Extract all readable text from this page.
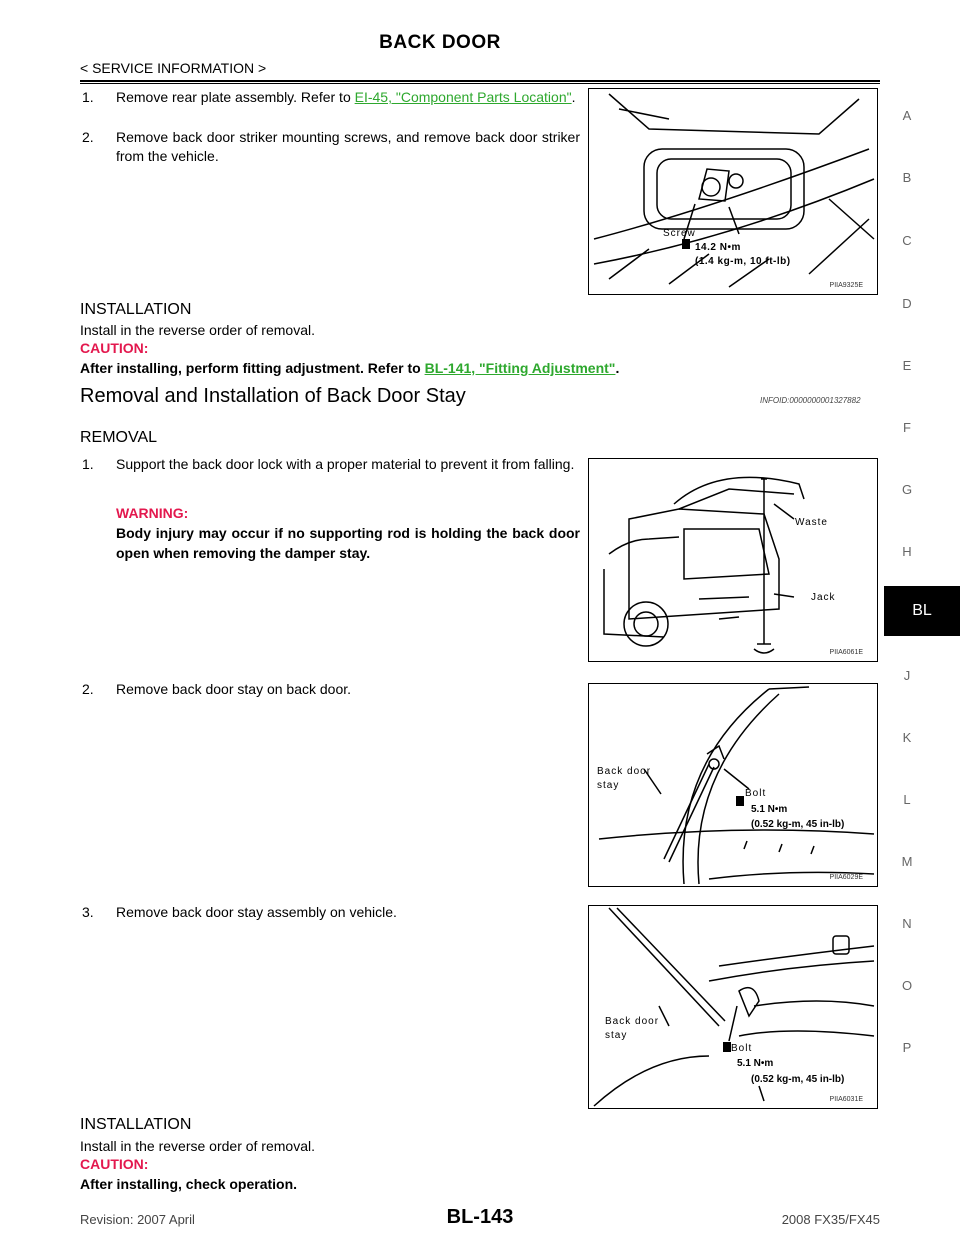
BACK DOOR
< SERVICE INFORMATION >
A
B
C
D
E
F
G
H
BL
J
K
L
M
N
O
P
1. Remove rear plate assembly. Refer to EI-45, "Component Parts Location".
2. Remove back door striker mounting screws, and remove back door striker from the vehicle.
Screw
14.2 N•m
(1.4 kg-m, 10 ft-lb)
PIIA9325E
INSTALLATION
Install in the reverse order of removal.
CAUTION:
After installing, perform fitting adjustment. Refer to BL-141, "Fitting Adjustment".
Removal and Installation of Back Door Stay	INFOID:0000000001327882
REMOVAL
1. Support the back door lock with a proper material to prevent it from falling.
WARNING:
Body injury may occur if no supporting rod is holding the back door open when removing the damper stay.
Waste
Jack
PIIA6061E
2. Remove back door stay on back door.
Back door
stay
Bolt
5.1 N•m
(0.52 kg-m, 45 in-lb)
PIIA6029E
3. Remove back door stay assembly on vehicle.
Back door
stay
Bolt
5.1 N•m
(0.52 kg-m, 45 in-lb)
PIIA6031E
INSTALLATION
Install in the reverse order of removal.
CAUTION:
After installing, check operation.
BL-143
Revision: 2007 April	2008 FX35/FX45
